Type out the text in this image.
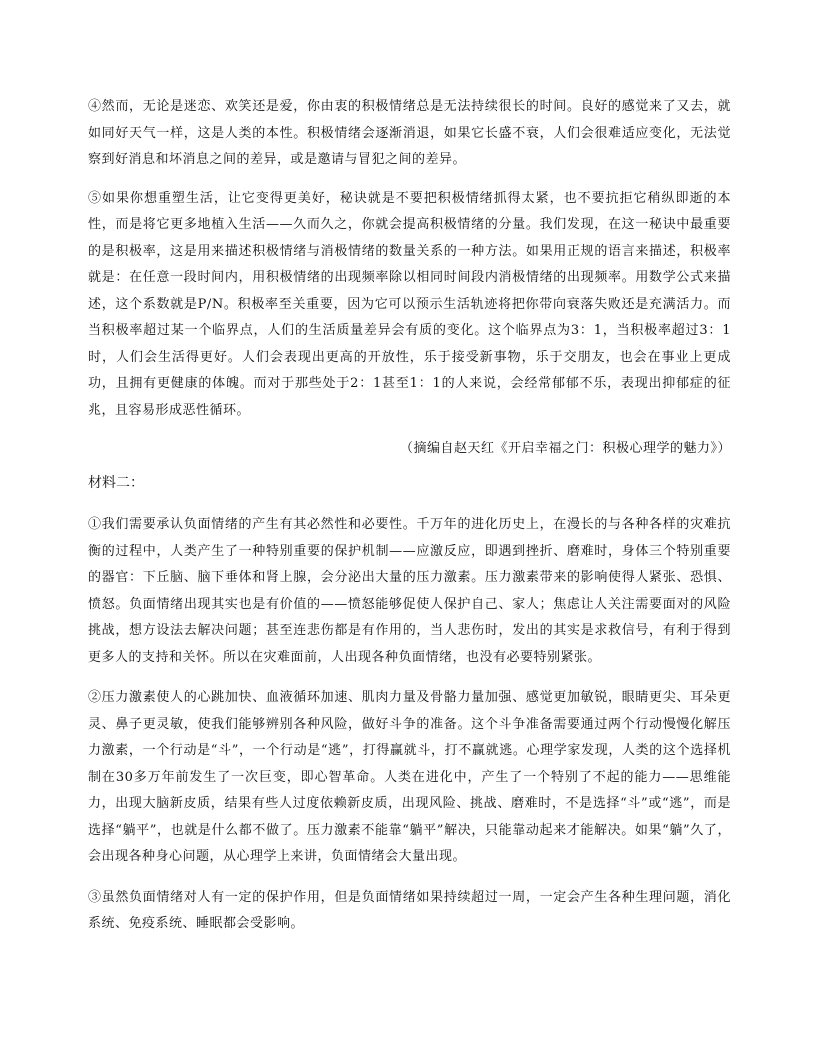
④然而，无论是迷恋、欢笑还是爱，你由衷的积极情绪总是无法持续很长的时间。良好的感觉来了又去，就如同好天气一样，这是人类的本性。积极情绪会逐渐消退，如果它长盛不衰，人们会很难适应变化，无法觉察到好消息和坏消息之间的差异，或是邀请与冒犯之间的差异。

⑤如果你想重塑生活，让它变得更美好，秘诀就是不要把积极情绪抓得太紧，也不要抗拒它稍纵即逝的本性，而是将它更多地植入生活——久而久之，你就会提高积极情绪的分量。我们发现，在这一秘诀中最重要的是积极率，这是用来描述积极情绪与消极情绪的数量关系的一种方法。如果用正规的语言来描述，积极率就是：在任意一段时间内，用积极情绪的出现频率除以相同时间段内消极情绪的出现频率。用数学公式来描述，这个系数就是P/N。积极率至关重要，因为它可以预示生活轨迹将把你带向衰落失败还是充满活力。而当积极率超过某一个临界点，人们的生活质量差异会有质的变化。这个临界点为3：1，当积极率超过3：1时，人们会生活得更好。人们会表现出更高的开放性，乐于接受新事物，乐于交朋友，也会在事业上更成功，且拥有更健康的体魄。而对于那些处于2：1甚至1：1的人来说，会经常郁郁不乐，表现出抑郁症的征兆，且容易形成恶性循环。

（摘编自赵天红《开启幸福之门：积极心理学的魅力》）

材料二：

①我们需要承认负面情绪的产生有其必然性和必要性。千万年的进化历史上，在漫长的与各种各样的灾难抗衡的过程中，人类产生了一种特别重要的保护机制——应激反应，即遇到挫折、磨难时，身体三个特别重要的器官：下丘脑、脑下垂体和肾上腺，会分泌出大量的压力激素。压力激素带来的影响使得人紧张、恐惧、愤怒。负面情绪出现其实也是有价值的——愤怒能够促使人保护自己、家人；焦虑让人关注需要面对的风险挑战，想方设法去解决问题；甚至连悲伤都是有作用的，当人悲伤时，发出的其实是求救信号，有利于得到更多人的支持和关怀。所以在灾难面前，人出现各种负面情绪，也没有必要特别紧张。

②压力激素使人的心跳加快、血液循环加速、肌肉力量及骨骼力量加强、感觉更加敏锐，眼睛更尖、耳朵更灵、鼻子更灵敏，使我们能够辨别各种风险，做好斗争的准备。这个斗争准备需要通过两个行动慢慢化解压力激素，一个行动是“斗”，一个行动是“逃”，打得赢就斗，打不赢就逃。心理学家发现，人类的这个选择机制在30多万年前发生了一次巨变，即心智革命。人类在进化中，产生了一个特别了不起的能力——思维能力，出现大脑新皮质，结果有些人过度依赖新皮质，出现风险、挑战、磨难时，不是选择“斗”或“逃”，而是选择“躺平”，也就是什么都不做了。压力激素不能靠“躺平”解决，只能靠动起来才能解决。如果“躺”久了，会出现各种身心问题，从心理学上来讲，负面情绪会大量出现。

③虽然负面情绪对人有一定的保护作用，但是负面情绪如果持续超过一周，一定会产生各种生理问题，消化系统、免疫系统、睡眠都会受影响。
